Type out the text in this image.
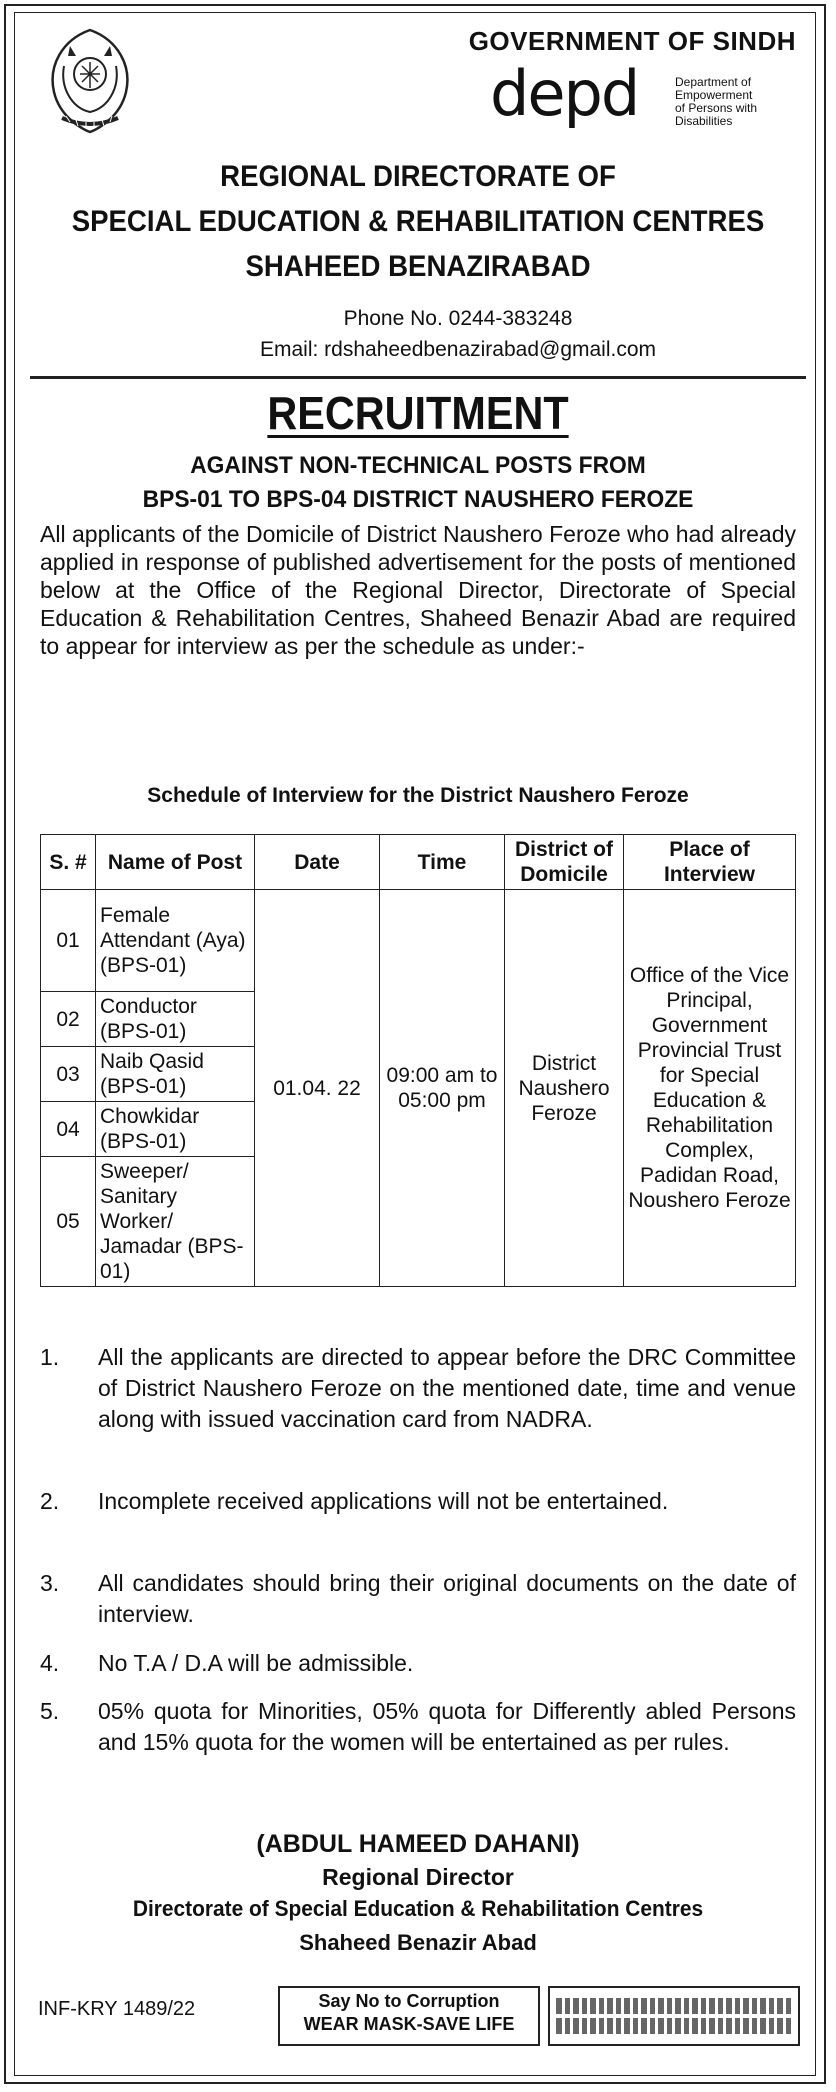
GOVERNMENT OF SINDH
depd	Department of
Empowerment
of Persons with
Disabilities
REGIONAL DIRECTORATE OF
SPECIAL EDUCATION & REHABILITATION CENTRES
SHAHEED BENAZIRABAD
Phone No. 0244-383248
Email: rdshaheedbenazirabad@gmail.com
RECRUITMENT
AGAINST NON-TECHNICAL POSTS FROM
BPS-01 TO BPS-04 DISTRICT NAUSHERO FEROZE
All applicants of the Domicile of District Naushero Feroze who had already applied in response of published advertisement for the posts of mentioned below at the Office of the Regional Director, Directorate of Special Education & Rehabilitation Centres, Shaheed Benazir Abad are required to appear for interview as per the schedule as under:-
Schedule of Interview for the District Naushero Feroze
S. #	Name of Post	Date	Time	District of Domicile	Place of Interview
01	Female Attendant (Aya) (BPS-01)	01.04. 22	09:00 am to 05:00 pm	District Naushero Feroze	Office of the Vice Principal, Government Provincial Trust for Special Education & Rehabilitation Complex, Padidan Road, Noushero Feroze
02	Conductor (BPS-01)				
03	Naib Qasid (BPS-01)				
04	Chowkidar (BPS-01)				
05	Sweeper/ Sanitary Worker/ Jamadar (BPS-01)				
1.	All the applicants are directed to appear before the DRC Committee of District Naushero Feroze on the mentioned date, time and venue along with issued vaccination card from NADRA.
2.	Incomplete received applications will not be entertained.
3.	All candidates should bring their original documents on the date of interview.
4.	No T.A / D.A will be admissible.
5.	05% quota for Minorities, 05% quota for Differently abled Persons and 15% quota for the women will be entertained as per rules.
(ABDUL HAMEED DAHANI)
Regional Director
Directorate of Special Education & Rehabilitation Centres
Shaheed Benazir Abad
INF-KRY 1489/22	Say No to Corruption
WEAR MASK-SAVE LIFE
